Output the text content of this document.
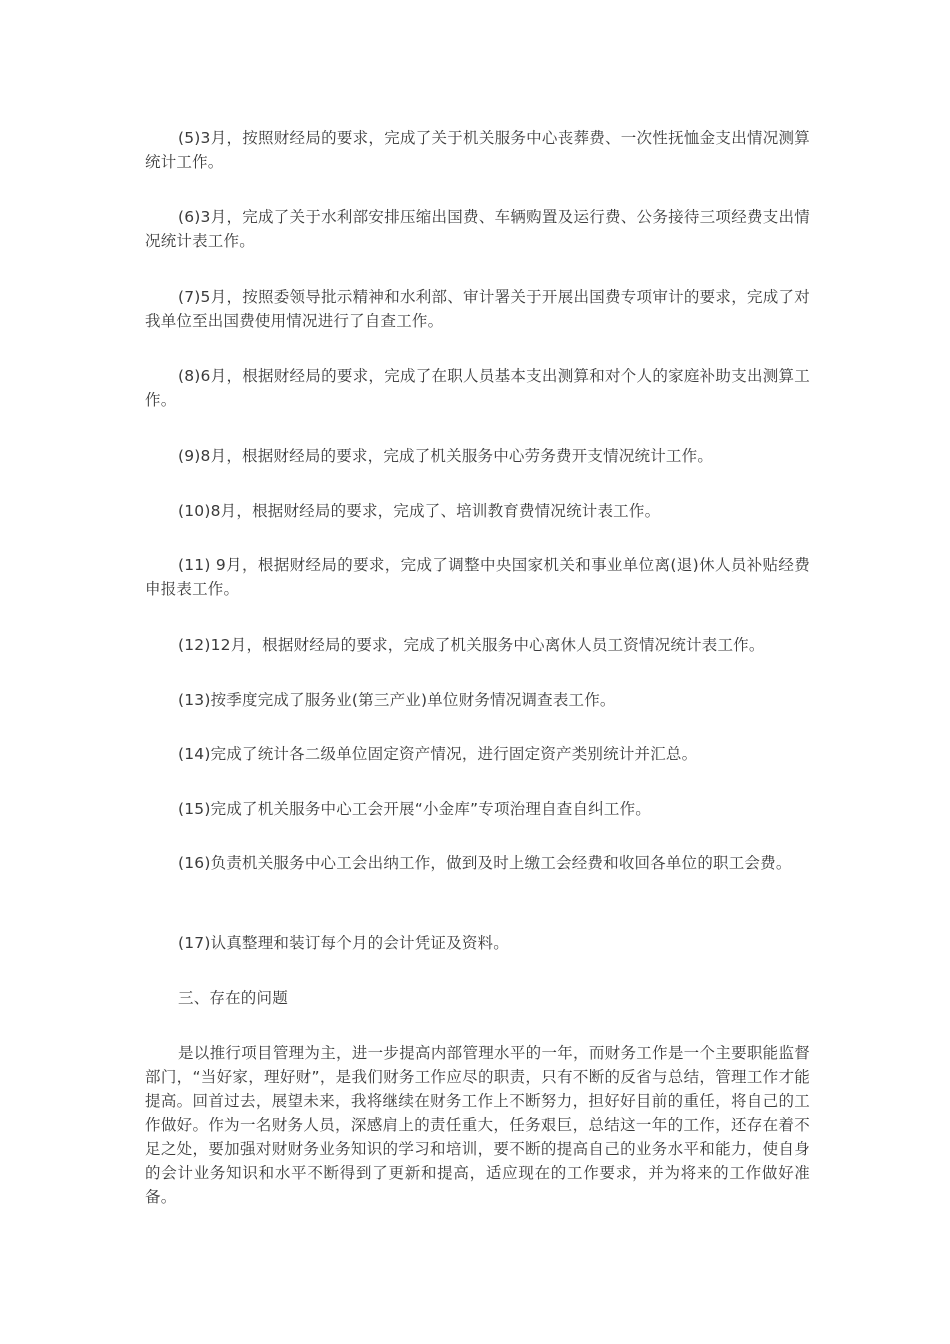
(5)3月，按照财经局的要求，完成了关于机关服务中心丧葬费、一次性抚恤金支出情况测算统计工作。

(6)3月，完成了关于水利部安排压缩出国费、车辆购置及运行费、公务接待三项经费支出情况统计表工作。

(7)5月，按照委领导批示精神和水利部、审计署关于开展出国费专项审计的要求，完成了对我单位至出国费使用情况进行了自查工作。

(8)6月，根据财经局的要求，完成了在职人员基本支出测算和对个人的家庭补助支出测算工作。

(9)8月，根据财经局的要求，完成了机关服务中心劳务费开支情况统计工作。

(10)8月，根据财经局的要求，完成了、培训教育费情况统计表工作。

(11) 9月，根据财经局的要求，完成了调整中央国家机关和事业单位离(退)休人员补贴经费申报表工作。

(12)12月，根据财经局的要求，完成了机关服务中心离休人员工资情况统计表工作。

(13)按季度完成了服务业(第三产业)单位财务情况调查表工作。

(14)完成了统计各二级单位固定资产情况，进行固定资产类别统计并汇总。

(15)完成了机关服务中心工会开展“小金库”专项治理自查自纠工作。

(16)负责机关服务中心工会出纳工作，做到及时上缴工会经费和收回各单位的职工会费。

(17)认真整理和装订每个月的会计凭证及资料。

三、存在的问题

是以推行项目管理为主，进一步提高内部管理水平的一年，而财务工作是一个主要职能监督部门，“当好家，理好财”，是我们财务工作应尽的职责，只有不断的反省与总结，管理工作才能提高。回首过去，展望未来，我将继续在财务工作上不断努力，担好好目前的重任，将自己的工作做好。作为一名财务人员，深感肩上的责任重大，任务艰巨，总结这一年的工作，还存在着不足之处，要加强对财财务业务知识的学习和培训，要不断的提高自己的业务水平和能力，使自身的会计业务知识和水平不断得到了更新和提高，适应现在的工作要求，并为将来的工作做好准备。
